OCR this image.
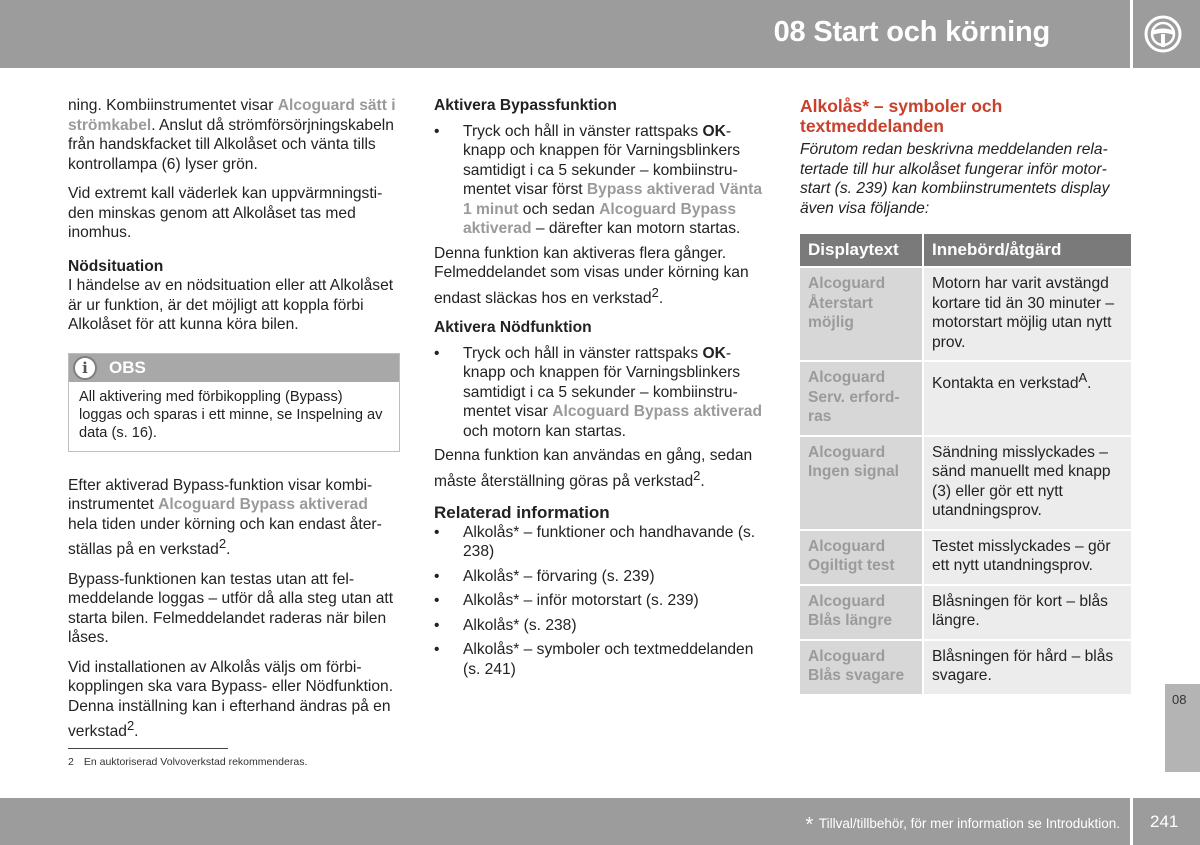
08 Start och körning

ning. Kombiinstrumentet visar Alcoguard sätt i strömkabel. Anslut då strömförsörjningskabeln från handskfacket till Alkolåset och vänta tills kontrollampa (6) lyser grön.

Vid extremt kall väderlek kan uppvärmningstiden minskas genom att Alkolåset tas med inomhus.

Nödsituation

I händelse av en nödsituation eller att Alkolåset är ur funktion, är det möjligt att koppla förbi Alkolåset för att kunna köra bilen.

i	OBS
All aktivering med förbikoppling (Bypass) loggas och sparas i ett minne, se Inspelning av data (s. 16).

Efter aktiverad Bypass-funktion visar kombiinstrumentet Alcoguard Bypass aktiverad hela tiden under körning och kan endast återställas på en verkstad$^2$.

Bypass-funktionen kan testas utan att felmeddelande loggas – utför då alla steg utan att starta bilen. Felmeddelandet raderas när bilen låses.

Vid installationen av Alkolås väljs om förbikopplingen ska vara Bypass- eller Nödfunktion. Denna inställning kan i efterhand ändras på en verkstad$^2$.

Aktivera Bypassfunktion
• Tryck och håll in vänster rattspaks OK-knapp och knappen för Varningsblinkers samtidigt i ca 5 sekunder – kombiinstrumentet visar först Bypass aktiverad Vänta 1 minut och sedan Alcoguard Bypass aktiverad – därefter kan motorn startas.

Denna funktion kan aktiveras flera gånger. Felmeddelandet som visas under körning kan endast släckas hos en verkstad$^2$.

Aktivera Nödfunktion
• Tryck och håll in vänster rattspaks OK-knapp och knappen för Varningsblinkers samtidigt i ca 5 sekunder – kombiinstrumentet visar Alcoguard Bypass aktiverad och motorn kan startas.

Denna funktion kan användas en gång, sedan måste återställning göras på verkstad$^2$.

Relaterad information
• Alkolås* – funktioner och handhavande (s. 238)
• Alkolås* – förvaring (s. 239)
• Alkolås* – inför motorstart (s. 239)
• Alkolås* (s. 238)
• Alkolås* – symboler och textmeddelanden (s. 241)
Alkolås* – symboler och textmeddelanden
Förutom redan beskrivna meddelanden relatertade till hur alkolåset fungerar inför motorstart (s. 239) kan kombiinstrumentets display även visa följande:
Displaytext	Innebörd/åtgärd
Alcoguard Återstart möjlig	Motorn har varit avstängd kortare tid än 30 minuter – motorstart möjlig utan nytt prov.
Alcoguard Serv. erfordras	Kontakta en verkstad$^A$.
Alcoguard Ingen signal	Sändning misslyckades – sänd manuellt med knapp (3) eller gör ett nytt utandningsprov.
Alcoguard Ogiltigt test	Testet misslyckades – gör ett nytt utandningsprov.
Alcoguard Blås längre	Blåsningen för kort – blås längre.
Alcoguard Blås svagare	Blåsningen för hård – blås svagare.
2 En auktoriserad Volvoverkstad rekommenderas.
08
* Tillval/tillbehör, för mer information se Introduktion. 241
